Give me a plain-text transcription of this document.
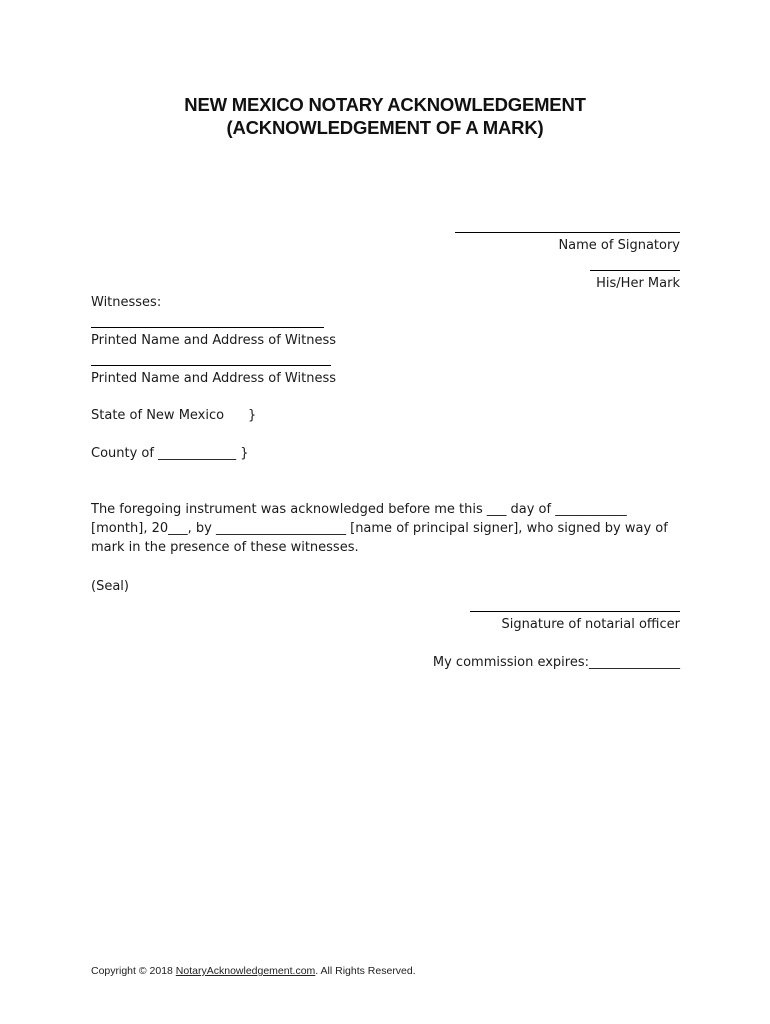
NEW MEXICO NOTARY ACKNOWLEDGEMENT
(ACKNOWLEDGEMENT OF A MARK)
Name of Signatory
His/Her Mark
Witnesses:
Printed Name and Address of Witness
Printed Name and Address of Witness
State of New Mexico }
County of ____________ }
The foregoing instrument was acknowledged before me this ___ day of ___________ [month], 20___, by ____________________ [name of principal signer], who signed by way of mark in the presence of these witnesses.
(Seal)
Signature of notarial officer
My commission expires:______________
Copyright © 2018 NotaryAcknowledgement.com. All Rights Reserved.
